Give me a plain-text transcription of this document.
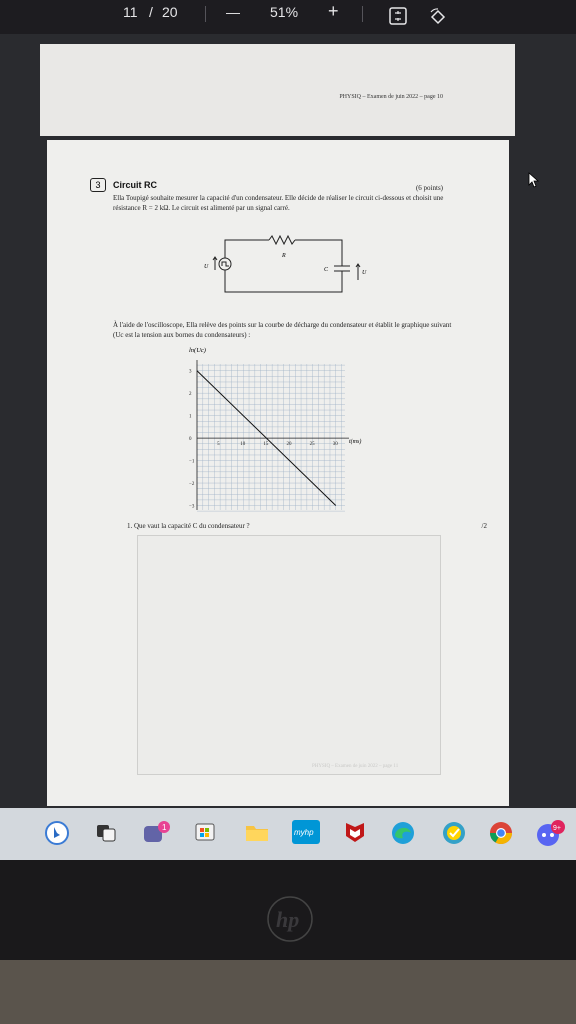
11 / 20	— 51% +
PHYSIQ – Examen de juin 2022 – page 10
3	Circuit RC	(6 points)
Ella Toupigé souhaite mesurer la capacité d'un condensateur. Elle décide de réaliser le circuit ci-dessous et choisit une résistance R = 2 kΩ. Le circuit est alimenté par un signal carré.
R
C
U
U
À l'aide de l'oscilloscope, Ella relève des points sur la courbe de décharge du condensateur et établit le graphique suivant (Uc est la tension aux bornes du condensateurs) :
5	10	15	20	25	30
3
2
1
0
−1
−2
−3
ln(Uc)
t(ms)
1. Que vaut la capacité C du condensateur ?	/2
PHYSIQ – Examen de juin 2022 – page 11
1
myhp	9+
hp
